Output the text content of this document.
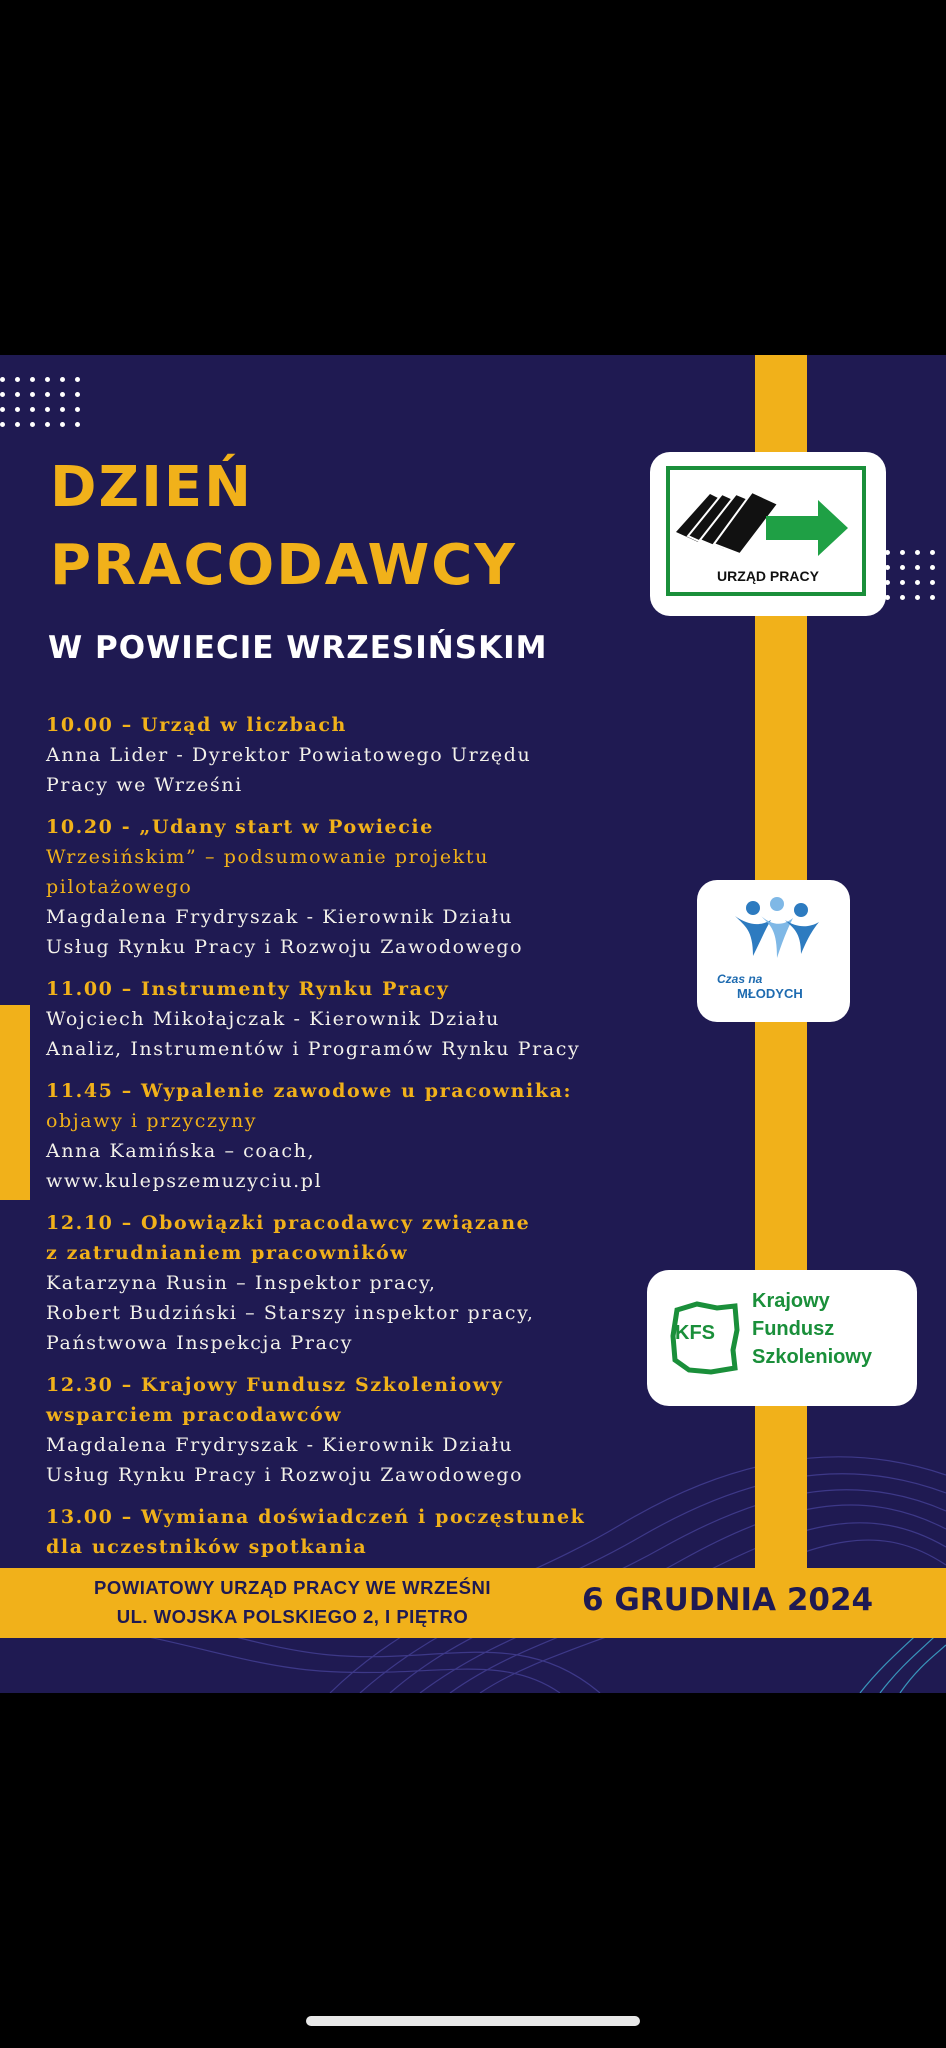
DZIEŃ
PRACODAWCY
W POWIECIE WRZESIŃSKIM
10.00 – Urząd w liczbach
Anna Lider - Dyrektor Powiatowego Urzędu
Pracy we Wrześni
10.20 - „Udany start w Powiecie
Wrzesińskim” – podsumowanie projektu
pilotażowego
Magdalena Frydryszak - Kierownik Działu
Usług Rynku Pracy i Rozwoju Zawodowego
11.00 – Instrumenty Rynku Pracy
Wojciech Mikołajczak - Kierownik Działu
Analiz, Instrumentów i Programów Rynku Pracy
11.45 – Wypalenie zawodowe u pracownika:
objawy i przyczyny
Anna Kamińska – coach,
www.kulepszemuzyciu.pl
12.10 – Obowiązki pracodawcy związane
z zatrudnianiem pracowników
Katarzyna Rusin – Inspektor pracy,
Robert Budziński – Starszy inspektor pracy,
Państwowa Inspekcja Pracy
12.30 – Krajowy Fundusz Szkoleniowy
wsparciem pracodawców
Magdalena Frydryszak - Kierownik Działu
Usług Rynku Pracy i Rozwoju Zawodowego
13.00 – Wymiana doświadczeń i poczęstunek
dla uczestników spotkania
URZĄD PRACY
Czas na
MŁODYCH
KFS
Krajowy
Fundusz
Szkoleniowy
POWIATOWY URZĄD PRACY WE WRZEŚNI
UL. WOJSKA POLSKIEGO 2, I PIĘTRO	6 GRUDNIA 2024
